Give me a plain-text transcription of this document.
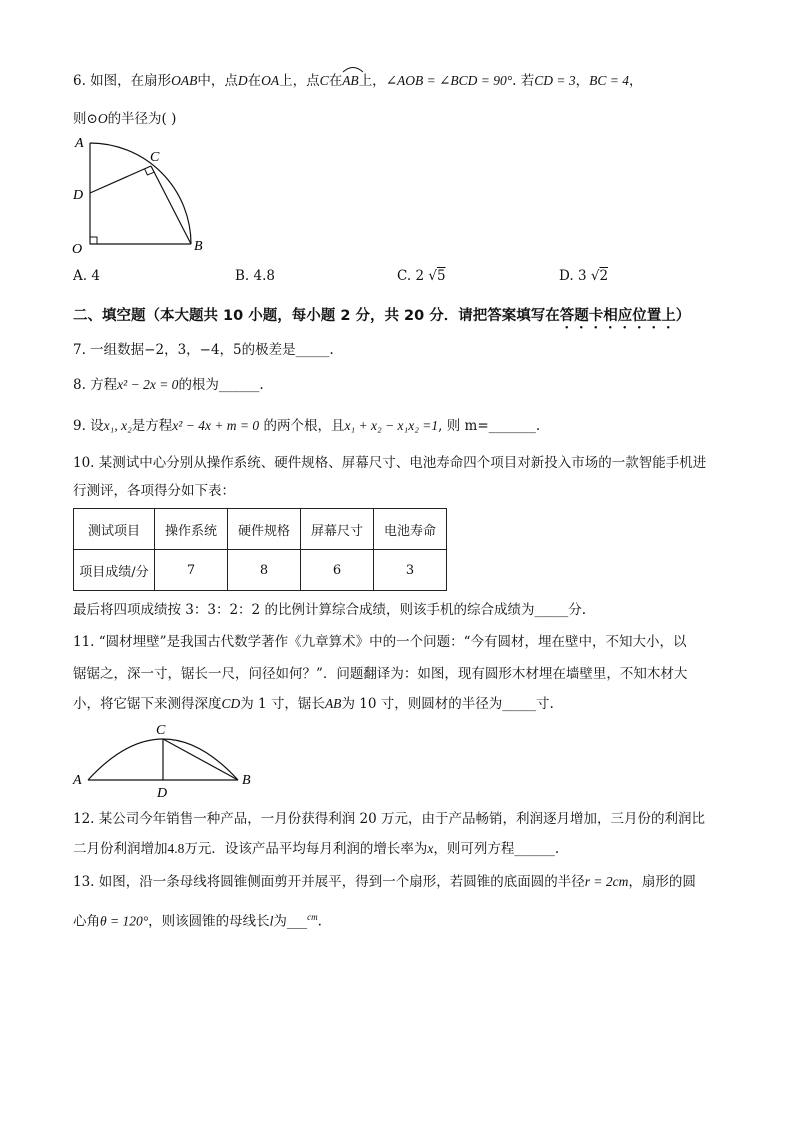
6. 如图，在扇形OAB中，点D在OA上，点C在
AB上，∠AOB = ∠BCD = 90°. 若CD = 3，BC = 4，
则⊙O的半径为( )
A
C
D
O	B
A. 4	B. 4.8	C. 2 √5	D. 3 √2
二、填空题（本大题共 10 小题，每小题 2 分，共 20 分．请把答案填写在答题卡相应位置上）
7. 一组数据−2，3，−4，5的极差是_____.
8. 方程x² − 2x = 0的根为______.
9. 设x₁, x₂是方程x² − 4x + m = 0 的两个根，且x₁ + x₂ − x₁x₂ =1, 则 m=_______.
10. 某测试中心分别从操作系统、硬件规格、屏幕尺寸、电池寿命四个项目对新投入市场的一款智能手机进
行测评，各项得分如下表：
测试项目	操作系统	硬件规格	屏幕尺寸	电池寿命
项目成绩/分	7	8	6	3
最后将四项成绩按 3：3：2：2 的比例计算综合成绩，则该手机的综合成绩为_____分.
11. “圆材埋壁”是我国古代数学著作《九章算术》中的一个问题：“今有圆材，埋在壁中，不知大小，以
锯锯之，深一寸，锯长一尺，问径如何？”．问题翻译为：如图，现有圆形木材埋在墙壁里，不知木材大
小，将它锯下来测得深度CD为 1 寸，锯长AB为 10 寸，则圆材的半径为_____寸.
C
A	B
D
12. 某公司今年销售一种产品，一月份获得利润 20 万元，由于产品畅销，利润逐月增加，三月份的利润比
二月份利润增加4.8万元．设该产品平均每月利润的增长率为x，则可列方程______.
13. 如图，沿一条母线将圆锥侧面剪开并展平，得到一个扇形，若圆锥的底面圆的半径r = 2cm，扇形的圆
心角θ = 120°，则该圆锥的母线长l为___$^{cm}$.
